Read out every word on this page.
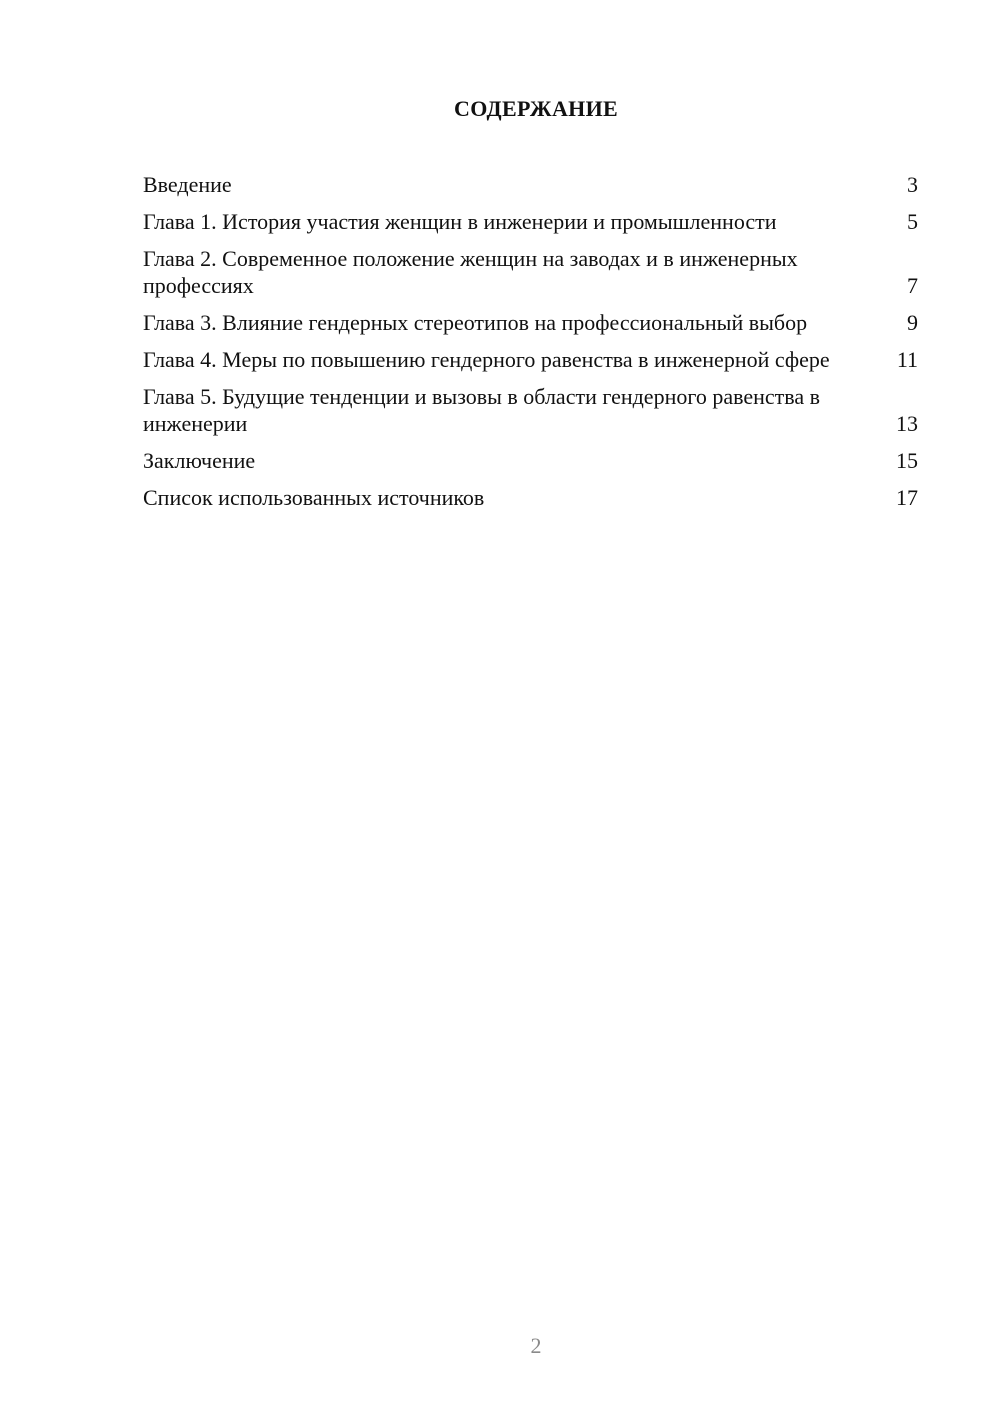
СОДЕРЖАНИЕ
Введение	3
Глава 1. История участия женщин в инженерии и промышленности	5
Глава 2. Современное положение женщин на заводах и в инженерных профессиях	7
Глава 3. Влияние гендерных стереотипов на профессиональный выбор	9
Глава 4. Меры по повышению гендерного равенства в инженерной сфере	11
Глава 5. Будущие тенденции и вызовы в области гендерного равенства в инженерии	13
Заключение	15
Список использованных источников	17
2
